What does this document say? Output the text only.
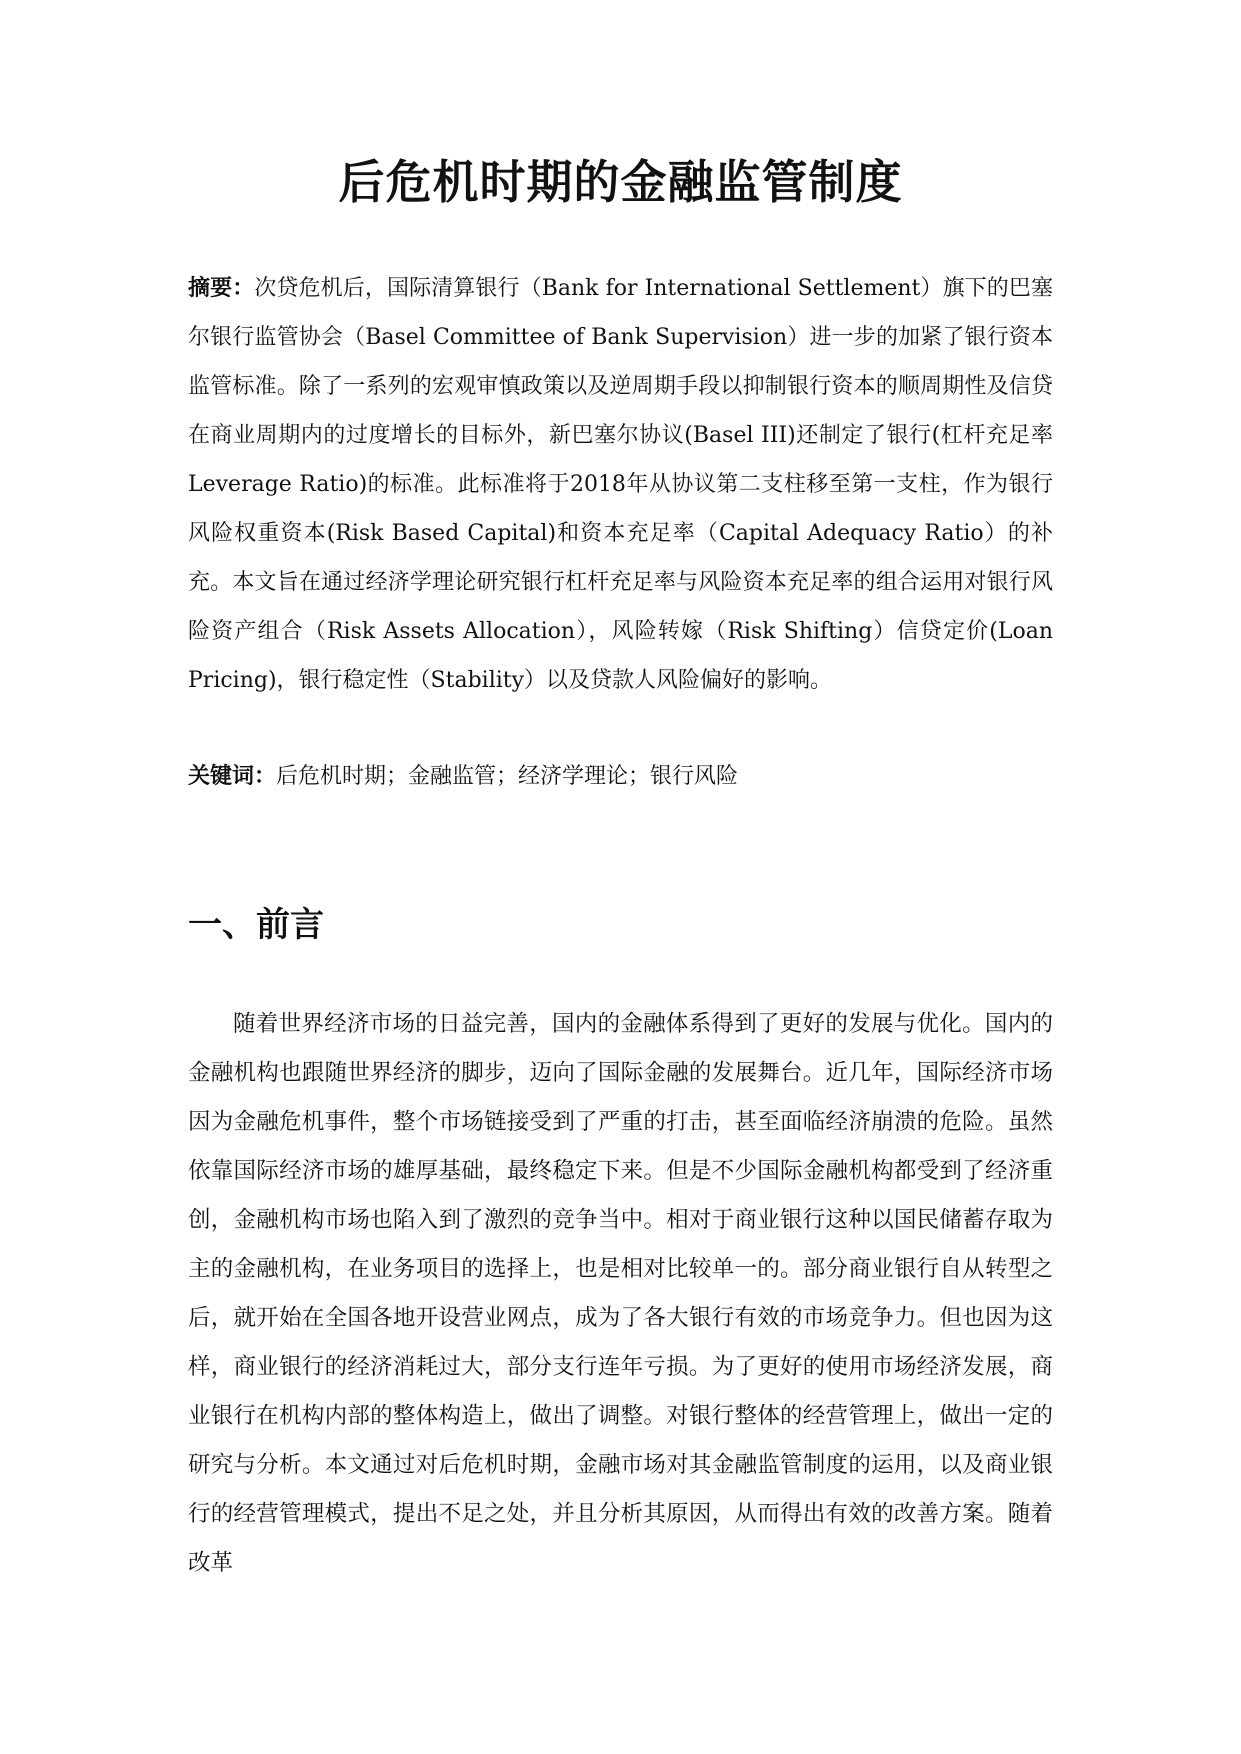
后危机时期的金融监管制度

摘要：次贷危机后，国际清算银行（Bank for International Settlement）旗下的巴塞尔银行监管协会（Basel Committee of Bank Supervision）进一步的加紧了银行资本监管标准。除了一系列的宏观审慎政策以及逆周期手段以抑制银行资本的顺周期性及信贷在商业周期内的过度增长的目标外，新巴塞尔协议(Basel III)还制定了银行(杠杆充足率Leverage Ratio)的标准。此标准将于2018年从协议第二支柱移至第一支柱，作为银行风险权重资本(Risk Based Capital)和资本充足率（Capital Adequacy Ratio）的补充。本文旨在通过经济学理论研究银行杠杆充足率与风险资本充足率的组合运用对银行风险资产组合（Risk Assets Allocation），风险转嫁（Risk Shifting）信贷定价(Loan Pricing)，银行稳定性（Stability）以及贷款人风险偏好的影响。

关键词：后危机时期；金融监管；经济学理论；银行风险

一、前言

随着世界经济市场的日益完善，国内的金融体系得到了更好的发展与优化。国内的金融机构也跟随世界经济的脚步，迈向了国际金融的发展舞台。近几年，国际经济市场因为金融危机事件，整个市场链接受到了严重的打击，甚至面临经济崩溃的危险。虽然依靠国际经济市场的雄厚基础，最终稳定下来。但是不少国际金融机构都受到了经济重创，金融机构市场也陷入到了激烈的竞争当中。相对于商业银行这种以国民储蓄存取为主的金融机构，在业务项目的选择上，也是相对比较单一的。部分商业银行自从转型之后，就开始在全国各地开设营业网点，成为了各大银行有效的市场竞争力。但也因为这样，商业银行的经济消耗过大，部分支行连年亏损。为了更好的使用市场经济发展，商业银行在机构内部的整体构造上，做出了调整。对银行整体的经营管理上，做出一定的研究与分析。本文通过对后危机时期，金融市场对其金融监管制度的运用，以及商业银行的经营管理模式，提出不足之处，并且分析其原因，从而得出有效的改善方案。随着改革
